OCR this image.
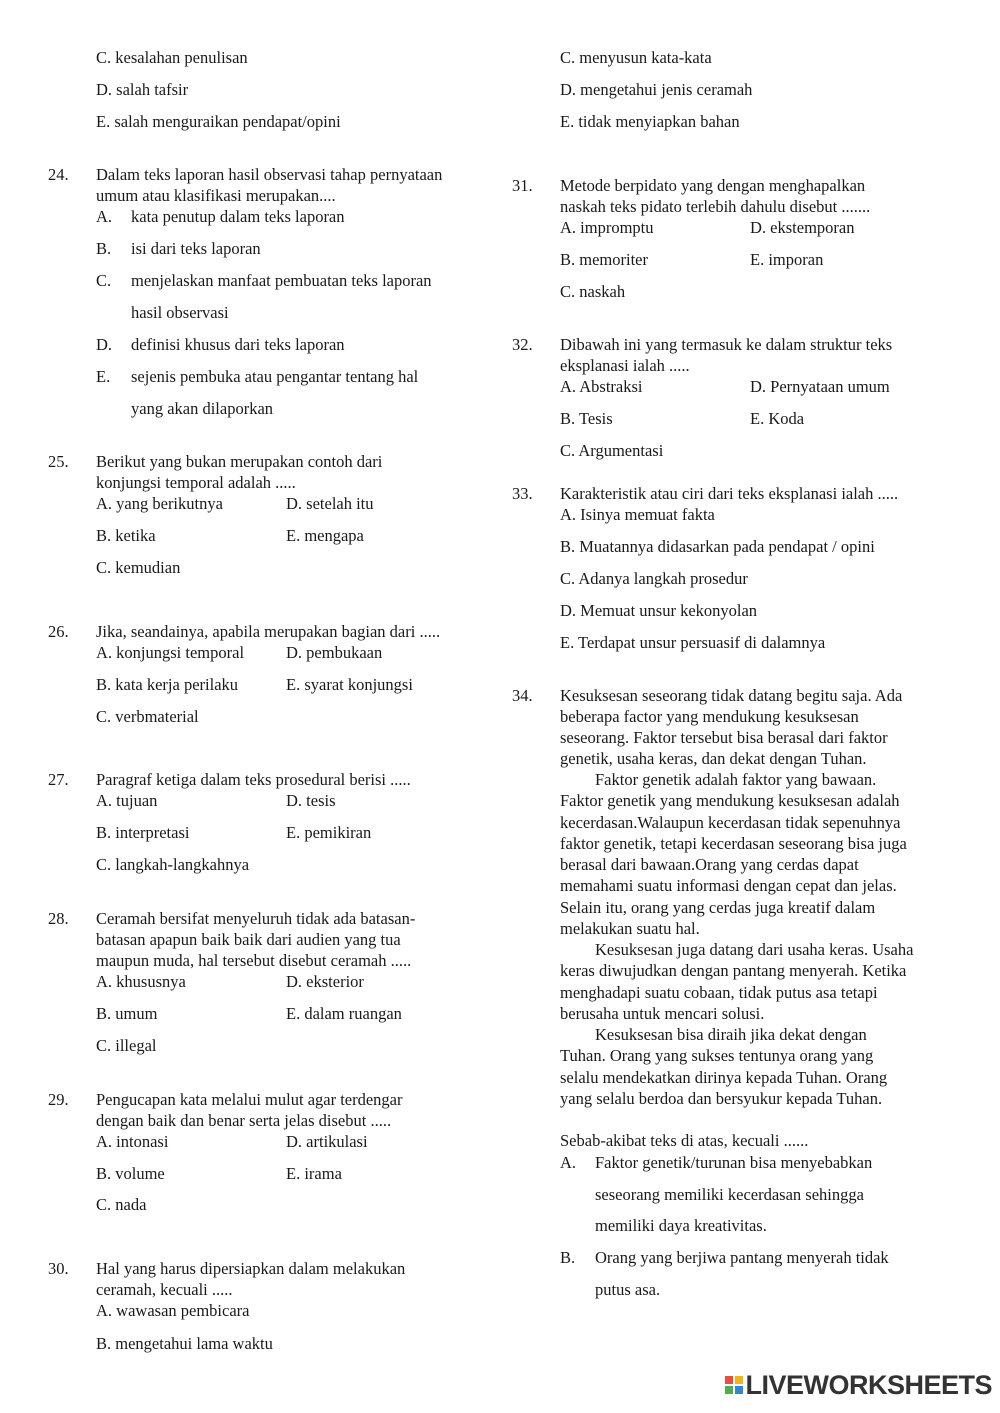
C. kesalahan penulisan
D. salah tafsir
E. salah menguraikan pendapat/opini
24. Dalam teks laporan hasil observasi tahap pernyataan
umum atau klasifikasi merupakan....
A. kata penutup dalam teks laporan
B. isi dari teks laporan
C. menjelaskan manfaat pembuatan teks laporan
hasil observasi
D. definisi khusus dari teks laporan
E. sejenis pembuka atau pengantar tentang hal
yang akan dilaporkan
25. Berikut yang bukan merupakan contoh dari
konjungsi temporal adalah .....
A. yang berikutnya	D. setelah itu
B. ketika	E. mengapa
C. kemudian
26. Jika, seandainya, apabila merupakan bagian dari .....
A. konjungsi temporal	D. pembukaan
B. kata kerja perilaku	E. syarat konjungsi
C. verbmaterial
27. Paragraf ketiga dalam teks prosedural berisi .....
A. tujuan	D. tesis
B. interpretasi	E. pemikiran
C. langkah-langkahnya
28. Ceramah bersifat menyeluruh tidak ada batasan-
batasan apapun baik baik dari audien yang tua
maupun muda, hal tersebut disebut ceramah .....
A. khususnya	D. eksterior
B. umum	E. dalam ruangan
C. illegal
29. Pengucapan kata melalui mulut agar terdengar
dengan baik dan benar serta jelas disebut .....
A. intonasi	D. artikulasi
B. volume	E. irama
C. nada
30. Hal yang harus dipersiapkan dalam melakukan
ceramah, kecuali .....
A. wawasan pembicara
B. mengetahui lama waktu
C. menyusun kata-kata
D. mengetahui jenis ceramah
E. tidak menyiapkan bahan
31. Metode berpidato yang dengan menghapalkan
naskah teks pidato terlebih dahulu disebut .......
A. impromptu	D. ekstemporan
B. memoriter	E. imporan
C. naskah
32. Dibawah ini yang termasuk ke dalam struktur teks
eksplanasi ialah .....
A. Abstraksi	D. Pernyataan umum
B. Tesis	E. Koda
C. Argumentasi
33. Karakteristik atau ciri dari teks eksplanasi ialah .....
A. Isinya memuat fakta
B. Muatannya didasarkan pada pendapat / opini
C. Adanya langkah prosedur
D. Memuat unsur kekonyolan
E. Terdapat unsur persuasif di dalamnya
34. Kesuksesan seseorang tidak datang begitu saja. Ada
beberapa factor yang mendukung kesuksesan
seseorang. Faktor tersebut bisa berasal dari faktor
genetik, usaha keras, dan dekat dengan Tuhan.
Faktor genetik adalah faktor yang bawaan.
Faktor genetik yang mendukung kesuksesan adalah
kecerdasan.Walaupun kecerdasan tidak sepenuhnya
faktor genetik, tetapi kecerdasan seseorang bisa juga
berasal dari bawaan.Orang yang cerdas dapat
memahami suatu informasi dengan cepat dan jelas.
Selain itu, orang yang cerdas juga kreatif dalam
melakukan suatu hal.
Kesuksesan juga datang dari usaha keras. Usaha
keras diwujudkan dengan pantang menyerah. Ketika
menghadapi suatu cobaan, tidak putus asa tetapi
berusaha untuk mencari solusi.
Kesuksesan bisa diraih jika dekat dengan
Tuhan. Orang yang sukses tentunya orang yang
selalu mendekatkan dirinya kepada Tuhan. Orang
yang selalu berdoa dan bersyukur kepada Tuhan.
Sebab-akibat teks di atas, kecuali ......
A. Faktor genetik/turunan bisa menyebabkan
seseorang memiliki kecerdasan sehingga
memiliki daya kreativitas.
B. Orang yang berjiwa pantang menyerah tidak
putus asa.
LIVEWORKSHEETS
